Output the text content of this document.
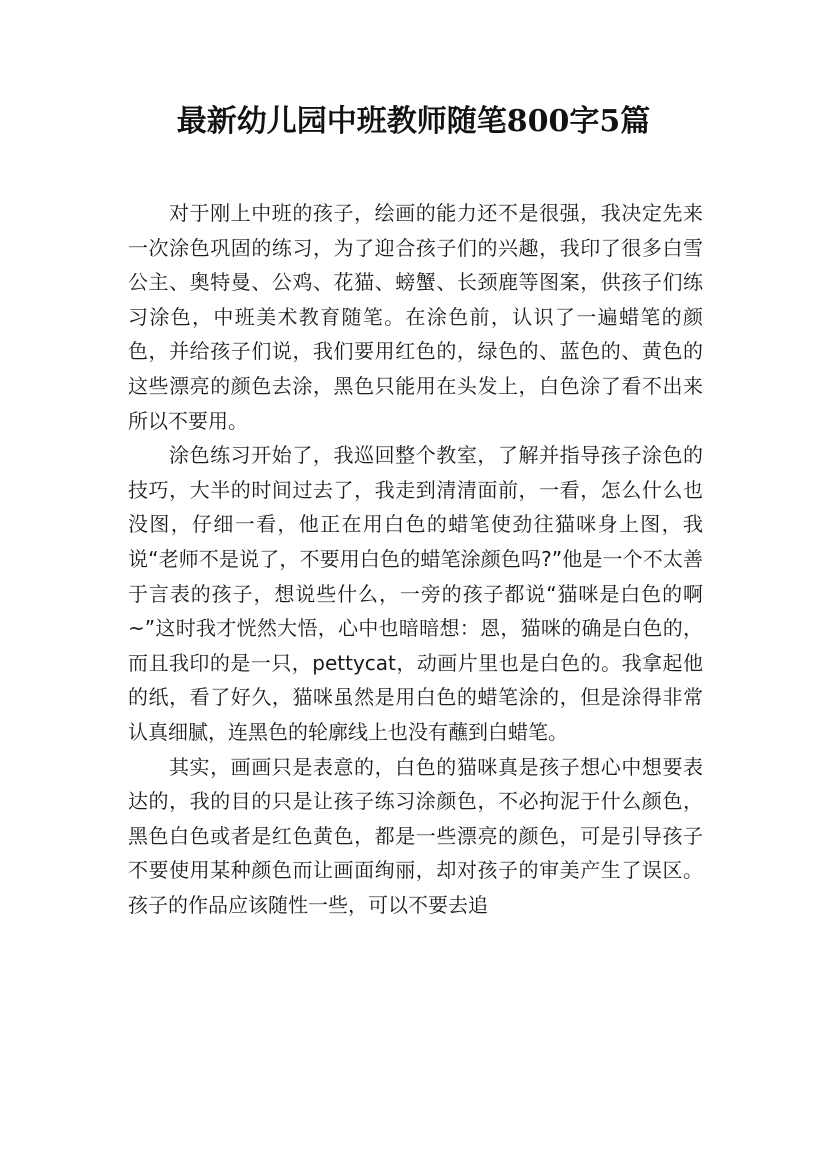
最新幼儿园中班教师随笔800字5篇

对于刚上中班的孩子，绘画的能力还不是很强，我决定先来一次涂色巩固的练习，为了迎合孩子们的兴趣，我印了很多白雪公主、奥特曼、公鸡、花猫、螃蟹、长颈鹿等图案，供孩子们练习涂色，中班美术教育随笔。在涂色前，认识了一遍蜡笔的颜色，并给孩子们说，我们要用红色的，绿色的、蓝色的、黄色的这些漂亮的颜色去涂，黑色只能用在头发上，白色涂了看不出来所以不要用。

涂色练习开始了，我巡回整个教室，了解并指导孩子涂色的技巧，大半的时间过去了，我走到清清面前，一看，怎么什么也没图，仔细一看，他正在用白色的蜡笔使劲往猫咪身上图，我说“老师不是说了，不要用白色的蜡笔涂颜色吗?”他是一个不太善于言表的孩子，想说些什么，一旁的孩子都说“猫咪是白色的啊~”这时我才恍然大悟，心中也暗暗想：恩，猫咪的确是白色的，而且我印的是一只，pettycat，动画片里也是白色的。我拿起他的纸，看了好久，猫咪虽然是用白色的蜡笔涂的，但是涂得非常认真细腻，连黑色的轮廓线上也没有蘸到白蜡笔。

其实，画画只是表意的，白色的猫咪真是孩子想心中想要表达的，我的目的只是让孩子练习涂颜色，不必拘泥于什么颜色，黑色白色或者是红色黄色，都是一些漂亮的颜色，可是引导孩子不要使用某种颜色而让画面绚丽，却对孩子的审美产生了误区。孩子的作品应该随性一些，可以不要去追
